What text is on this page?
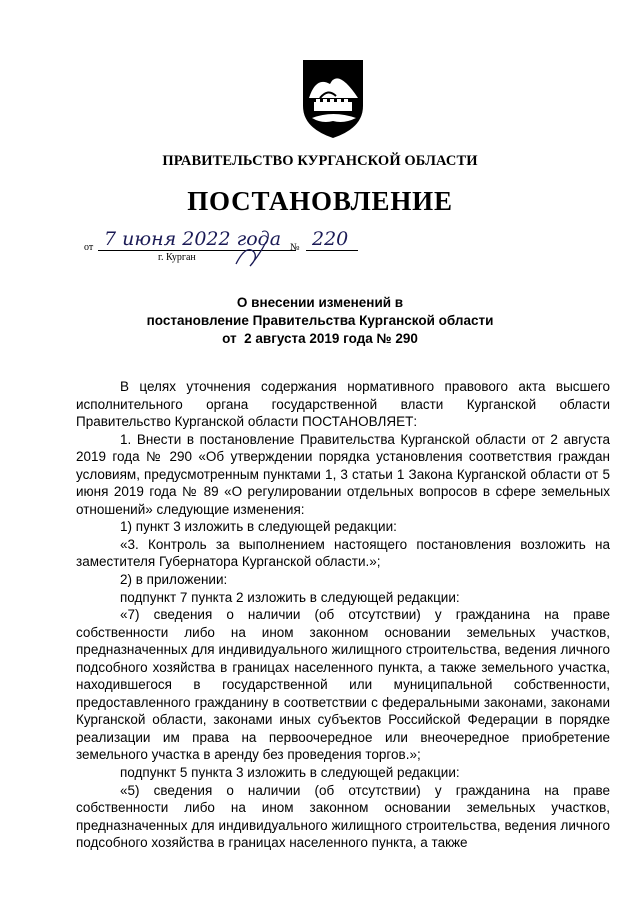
ПРАВИТЕЛЬСТВО КУРГАНСКОЙ ОБЛАСТИ
ПОСТАНОВЛЕНИЕ
от 7 июня 2022 года № 220
г. Курган
О внесении изменений в
постановление Правительства Курганской области
от  2 августа 2019 года № 290

В целях уточнения содержания нормативного правового акта высшего исполнительного органа государственной власти Курганской области Правительство Курганской области ПОСТАНОВЛЯЕТ:

1. Внести в постановление Правительства Курганской области от 2 августа 2019 года № 290 «Об утверждении порядка установления соответствия граждан условиям, предусмотренным пунктами 1, 3 статьи 1 Закона Курганской области от 5 июня 2019 года № 89 «О регулировании отдельных вопросов в сфере земельных отношений» следующие изменения:

1) пункт 3 изложить в следующей редакции:

«3. Контроль за выполнением настоящего постановления возложить на заместителя Губернатора Курганской области.»;

2) в приложении:

подпункт 7 пункта 2 изложить в следующей редакции:

«7) сведения о наличии (об отсутствии) у гражданина на праве собственности либо на ином законном основании земельных участков, предназначенных для индивидуального жилищного строительства, ведения личного подсобного хозяйства в границах населенного пункта, а также земельного участка, находившегося в государственной или муниципальной собственности, предоставленного гражданину в соответствии с федеральными законами, законами Курганской области, законами иных субъектов Российской Федерации в порядке реализации им права на первоочередное или внеочередное приобретение земельного участка в аренду без проведения торгов.»;

подпункт 5 пункта 3 изложить в следующей редакции:

«5) сведения о наличии (об отсутствии) у гражданина на праве собственности либо на ином законном основании земельных участков, предназначенных для индивидуального жилищного строительства, ведения личного подсобного хозяйства в границах населенного пункта, а также
